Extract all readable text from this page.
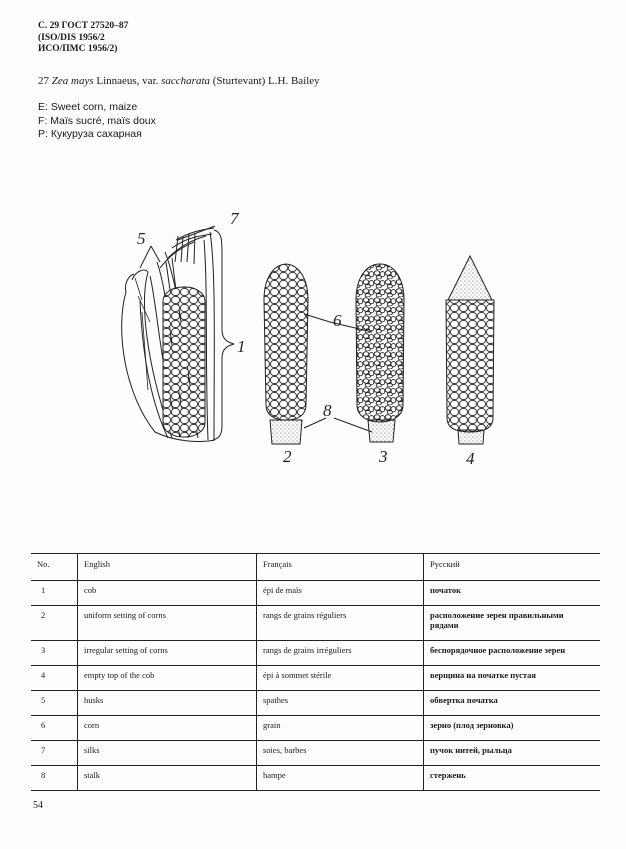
С. 29 ГОСТ 27520–87
(ISO/DIS 1956/2
ИСО/ПМС 1956/2)
27 Zea mays Linnaeus, var. saccharata (Sturtevant) L.H. Bailey
E: Sweet corn, maize
F: Maïs sucré, maïs doux
P: Кукуруза сахарная
1
2	3	4
5
6
7
8
No.	English	Français	Русский
1	cob	épi de maïs	початок
2	uniform setting of corns	rangs de grains réguliers	расположение зерен правильными рядами
3	irregular setting of corns	rangs de grains irréguliers	беспорядочное расположение зерен
4	empty top of the cob	épi à sommet stérile	верщина на початке пустая
5	husks	spathes	обвертка початка
6	corn	grain	зерно (плод зерновка)
7	silks	soies, barbes	пучок нитей, рыльца
8	stalk	hampe	стержень
54
